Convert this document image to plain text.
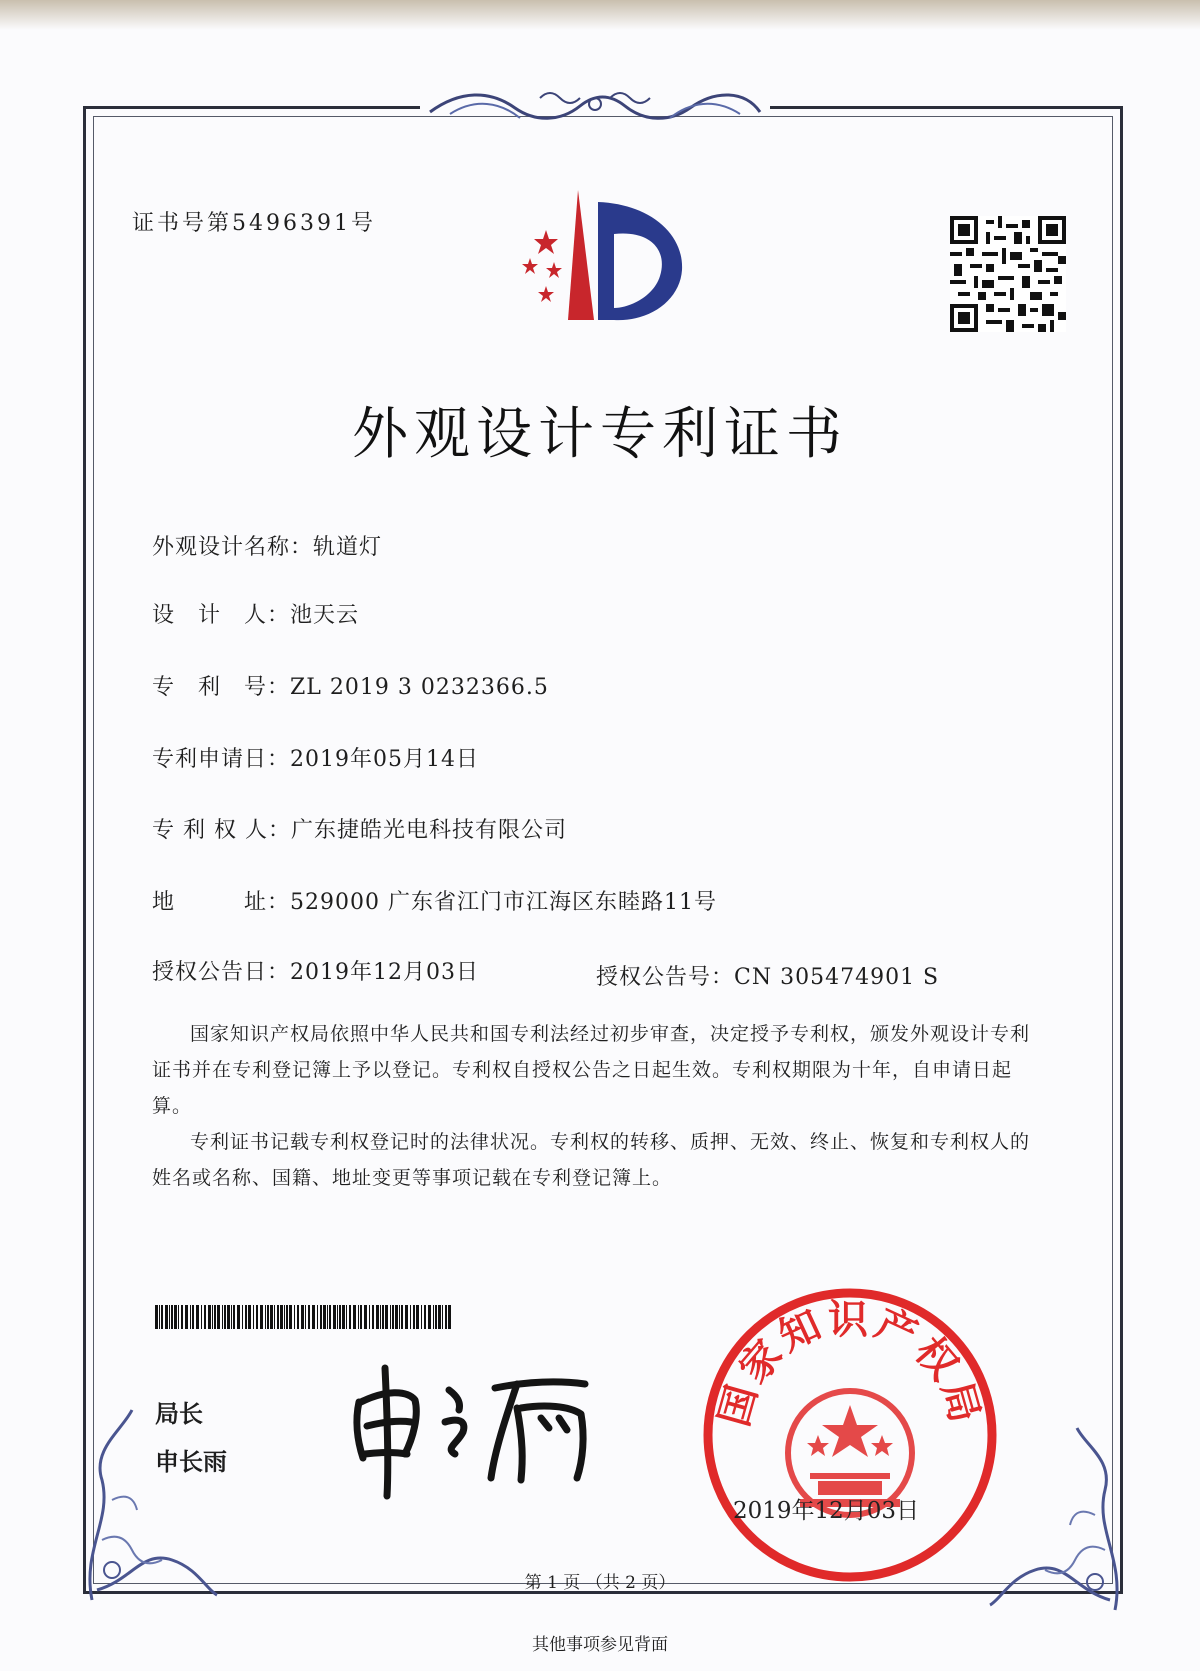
证书号第5496391号
外观设计专利证书
外观设计名称：轨道灯
设　计　人：池天云
专　利　号：ZL 2019 3 0232366.5
专利申请日：2019年05月14日
专 利 权 人：广东捷皓光电科技有限公司
地　　　址：529000 广东省江门市江海区东睦路11号
授权公告日：2019年12月03日	授权公告号：CN 305474901 S

国家知识产权局依照中华人民共和国专利法经过初步审查，决定授予专利权，颁发外观设计专利证书并在专利登记簿上予以登记。专利权自授权公告之日起生效。专利权期限为十年，自申请日起算。

专利证书记载专利权登记时的法律状况。专利权的转移、质押、无效、终止、恢复和专利权人的姓名或名称、国籍、地址变更等事项记载在专利登记簿上。

局长
申长雨
国家知识产权局
2019年12月03日
第 1 页 （共 2 页）
其他事项参见背面
